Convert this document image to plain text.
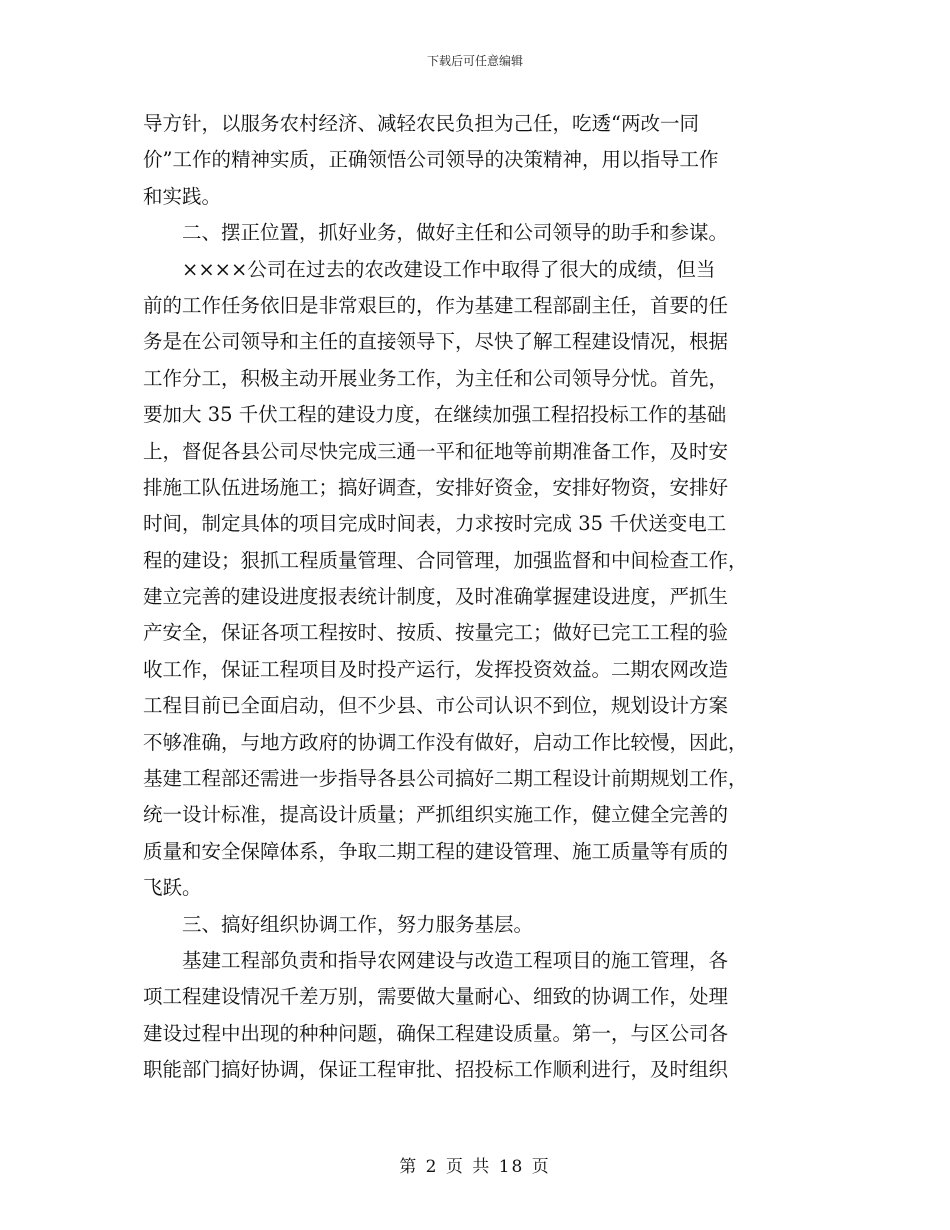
下载后可任意编辑
导方针，以服务农村经济、减轻农民负担为己任，吃透“两改一同
价”工作的精神实质，正确领悟公司领导的决策精神，用以指导工作
和实践。
　　二、摆正位置，抓好业务，做好主任和公司领导的助手和参谋。
　　××××公司在过去的农改建设工作中取得了很大的成绩，但当
前的工作任务依旧是非常艰巨的，作为基建工程部副主任，首要的任
务是在公司领导和主任的直接领导下，尽快了解工程建设情况，根据
工作分工，积极主动开展业务工作，为主任和公司领导分忧。首先，
要加大 35 千伏工程的建设力度，在继续加强工程招投标工作的基础
上，督促各县公司尽快完成三通一平和征地等前期准备工作，及时安
排施工队伍进场施工；搞好调查，安排好资金，安排好物资，安排好
时间，制定具体的项目完成时间表，力求按时完成 35 千伏送变电工
程的建设；狠抓工程质量管理、合同管理，加强监督和中间检查工作，
建立完善的建设进度报表统计制度，及时准确掌握建设进度，严抓生
产安全，保证各项工程按时、按质、按量完工；做好已完工工程的验
收工作，保证工程项目及时投产运行，发挥投资效益。二期农网改造
工程目前已全面启动，但不少县、市公司认识不到位，规划设计方案
不够准确，与地方政府的协调工作没有做好，启动工作比较慢，因此，
基建工程部还需进一步指导各县公司搞好二期工程设计前期规划工作，
统一设计标准，提高设计质量；严抓组织实施工作，健立健全完善的
质量和安全保障体系，争取二期工程的建设管理、施工质量等有质的
飞跃。
　　三、搞好组织协调工作，努力服务基层。
　　基建工程部负责和指导农网建设与改造工程项目的施工管理，各
项工程建设情况千差万别，需要做大量耐心、细致的协调工作，处理
建设过程中出现的种种问题，确保工程建设质量。第一，与区公司各
职能部门搞好协调，保证工程审批、招投标工作顺利进行，及时组织
第 2 页 共 18 页
